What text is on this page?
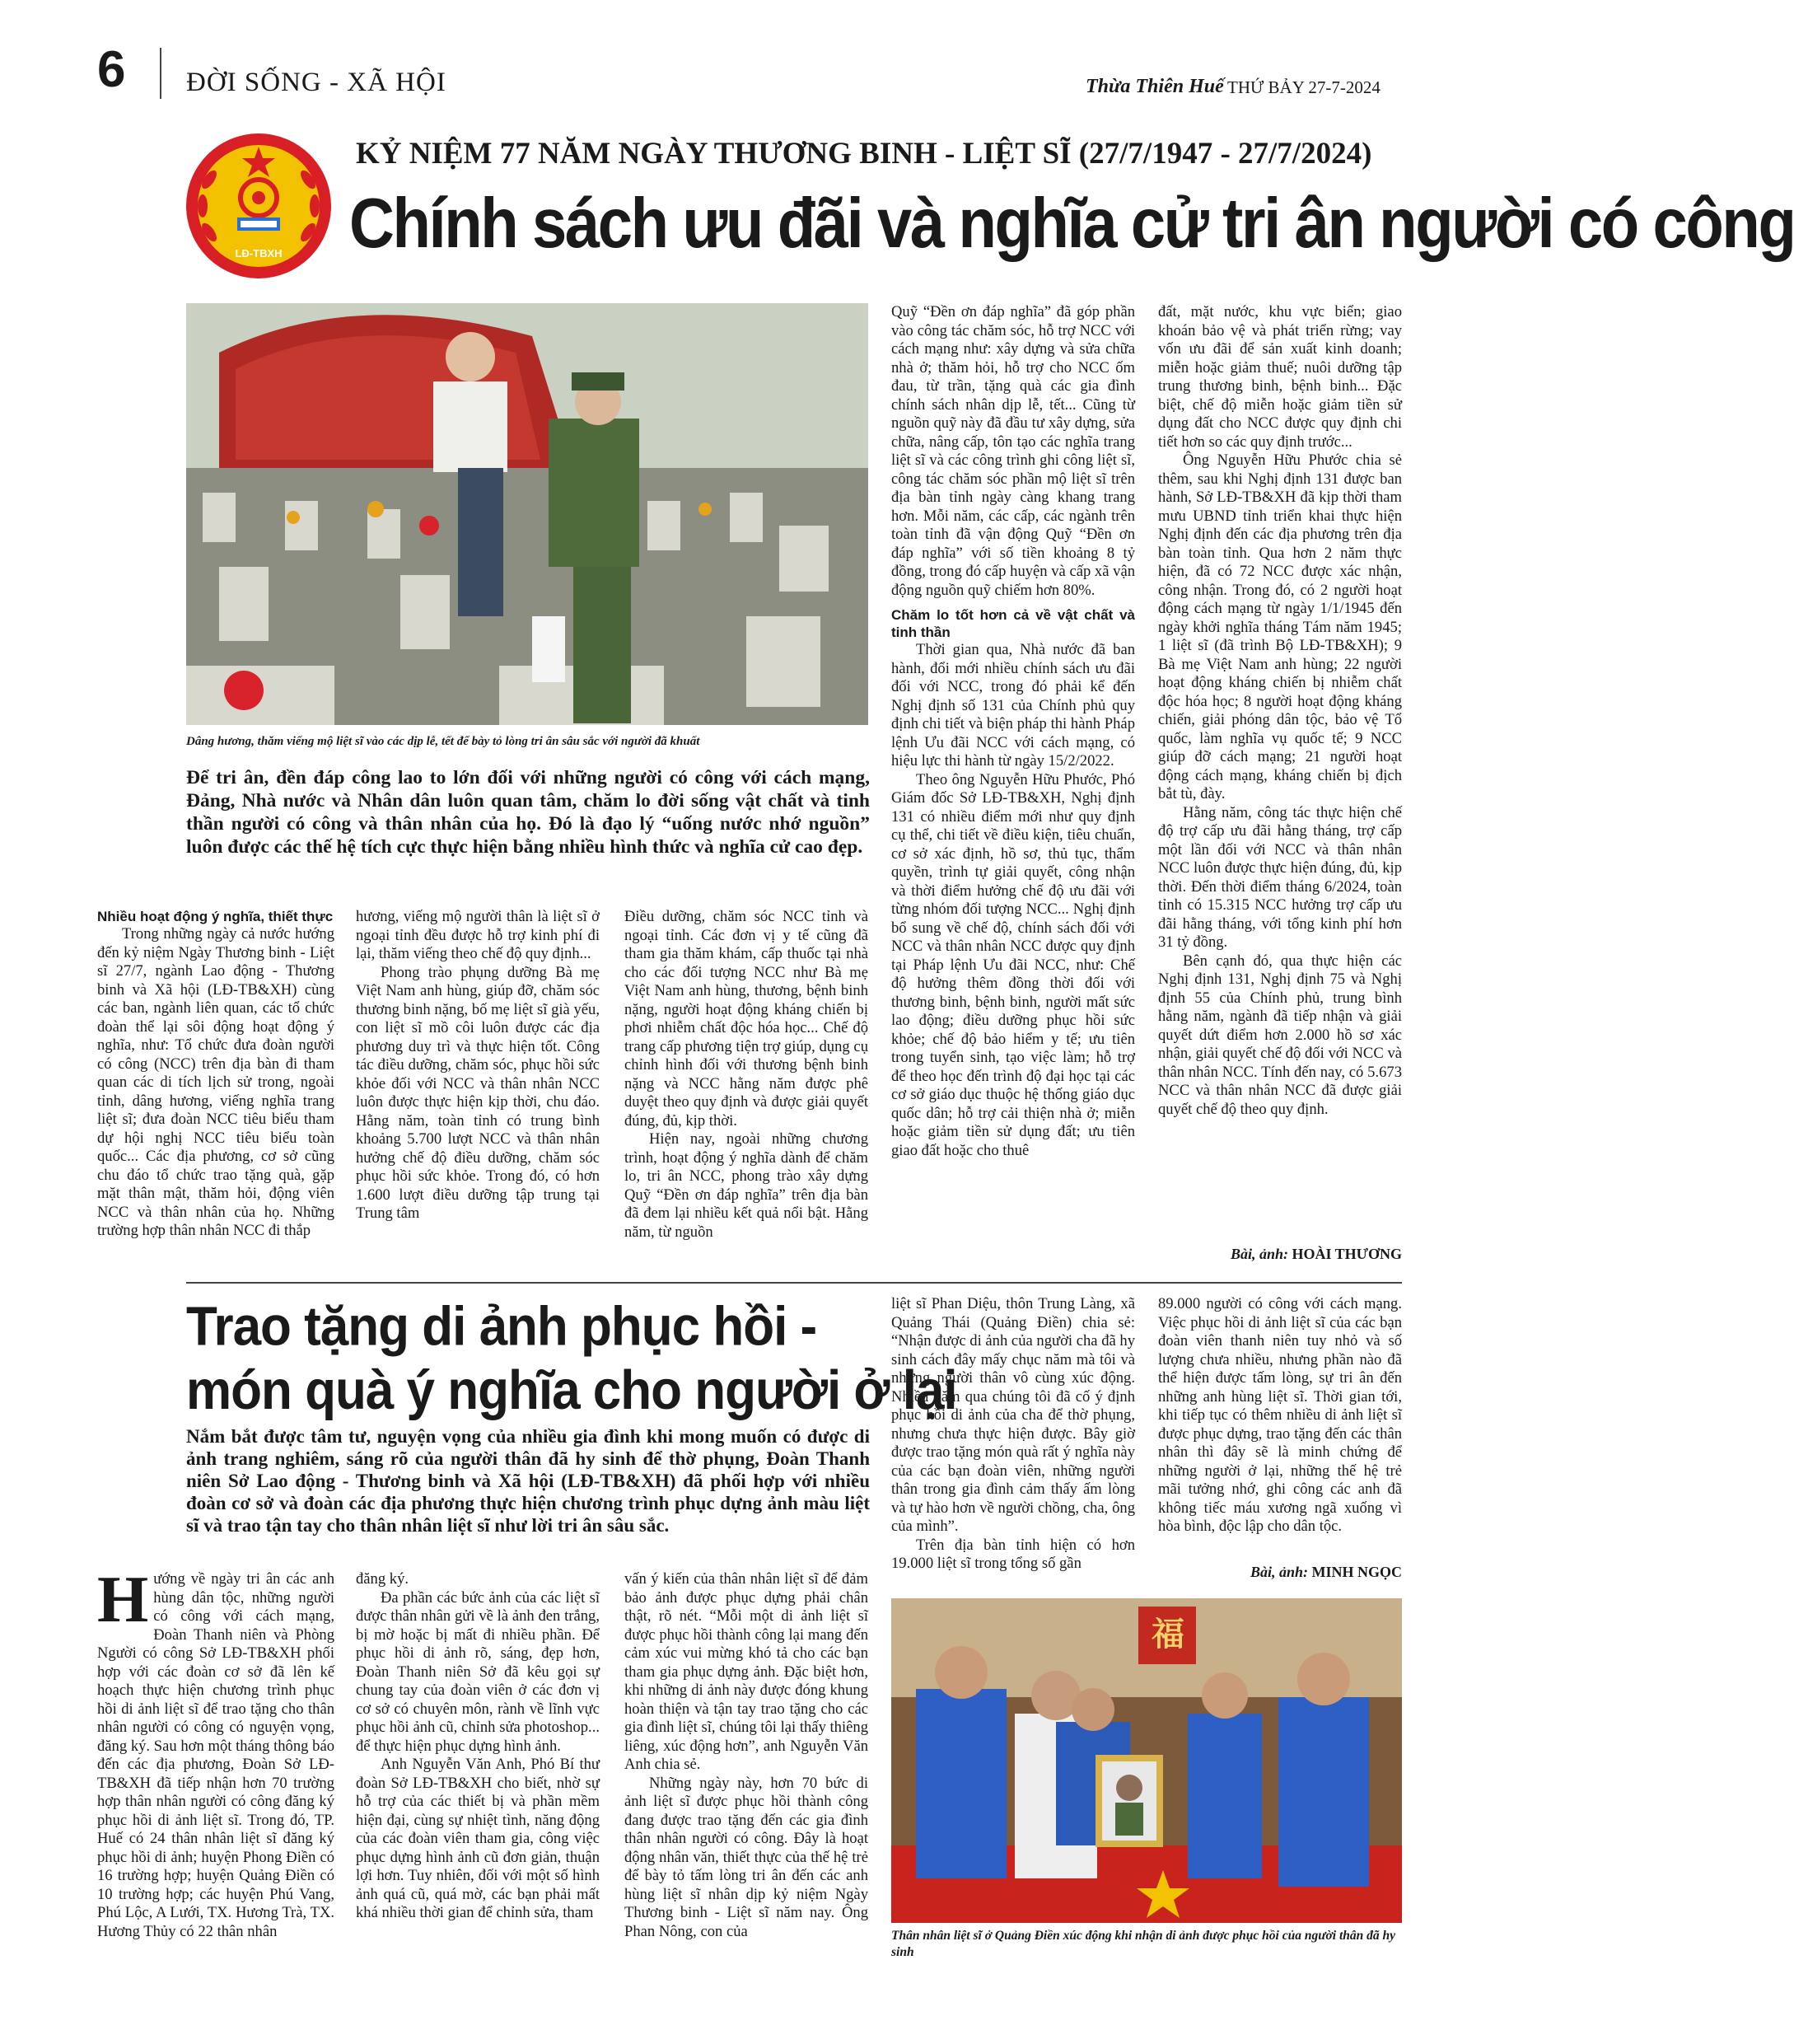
6 ĐỜI SỐNG - XÃ HỘI	Thừa Thiên Huế THỨ BẢY 27-7-2024
LĐ-TBXH
KỶ NIỆM 77 NĂM NGÀY THƯƠNG BINH - LIỆT SĨ (27/7/1947 - 27/7/2024)
Chính sách ưu đãi và nghĩa cử tri ân người có công
Dâng hương, thăm viếng mộ liệt sĩ vào các dịp lễ, tết để bày tỏ lòng tri ân sâu sắc với người đã khuất
Để tri ân, đền đáp công lao to lớn đối với những người có công với cách mạng, Đảng, Nhà nước và Nhân dân luôn quan tâm, chăm lo đời sống vật chất và tinh thần người có công và thân nhân của họ. Đó là đạo lý “uống nước nhớ nguồn” luôn được các thế hệ tích cực thực hiện bằng nhiều hình thức và nghĩa cử cao đẹp.

Nhiều hoạt động ý nghĩa, thiết thực

Trong những ngày cả nước hướng đến kỷ niệm Ngày Thương binh - Liệt sĩ 27/7, ngành Lao động - Thương binh và Xã hội (LĐ-TB&XH) cùng các ban, ngành liên quan, các tổ chức đoàn thể lại sôi động hoạt động ý nghĩa, như: Tổ chức đưa đoàn người có công (NCC) trên địa bàn đi tham quan các di tích lịch sử trong, ngoài tỉnh, dâng hương, viếng nghĩa trang liệt sĩ; đưa đoàn NCC tiêu biểu tham dự hội nghị NCC tiêu biểu toàn quốc... Các địa phương, cơ sở cũng chu đáo tổ chức trao tặng quà, gặp mặt thân mật, thăm hỏi, động viên NCC và thân nhân của họ. Những trường hợp thân nhân NCC đi thắp

hương, viếng mộ người thân là liệt sĩ ở ngoại tỉnh đều được hỗ trợ kinh phí đi lại, thăm viếng theo chế độ quy định...

Phong trào phụng dưỡng Bà mẹ Việt Nam anh hùng, giúp đỡ, chăm sóc thương binh nặng, bố mẹ liệt sĩ già yếu, con liệt sĩ mồ côi luôn được các địa phương duy trì và thực hiện tốt. Công tác điều dưỡng, chăm sóc, phục hồi sức khỏe đối với NCC và thân nhân NCC luôn được thực hiện kịp thời, chu đáo. Hằng năm, toàn tỉnh có trung bình khoảng 5.700 lượt NCC và thân nhân hưởng chế độ điều dưỡng, chăm sóc phục hồi sức khỏe. Trong đó, có hơn 1.600 lượt điều dưỡng tập trung tại Trung tâm

Điều dưỡng, chăm sóc NCC tỉnh và ngoại tỉnh. Các đơn vị y tế cũng đã tham gia thăm khám, cấp thuốc tại nhà cho các đối tượng NCC như Bà mẹ Việt Nam anh hùng, thương, bệnh binh nặng, người hoạt động kháng chiến bị phơi nhiễm chất độc hóa học... Chế độ trang cấp phương tiện trợ giúp, dụng cụ chỉnh hình đối với thương bệnh binh nặng và NCC hằng năm được phê duyệt theo quy định và được giải quyết đúng, đủ, kịp thời.

Hiện nay, ngoài những chương trình, hoạt động ý nghĩa dành để chăm lo, tri ân NCC, phong trào xây dựng Quỹ “Đền ơn đáp nghĩa” trên địa bàn đã đem lại nhiều kết quả nổi bật. Hằng năm, từ nguồn

Quỹ “Đền ơn đáp nghĩa” đã góp phần vào công tác chăm sóc, hỗ trợ NCC với cách mạng như: xây dựng và sửa chữa nhà ở; thăm hỏi, hỗ trợ cho NCC ốm đau, từ trần, tặng quà các gia đình chính sách nhân dịp lễ, tết... Cũng từ nguồn quỹ này đã đầu tư xây dựng, sửa chữa, nâng cấp, tôn tạo các nghĩa trang liệt sĩ và các công trình ghi công liệt sĩ, công tác chăm sóc phần mộ liệt sĩ trên địa bàn tỉnh ngày càng khang trang hơn. Mỗi năm, các cấp, các ngành trên toàn tỉnh đã vận động Quỹ “Đền ơn đáp nghĩa” với số tiền khoảng 8 tỷ đồng, trong đó cấp huyện và cấp xã vận động nguồn quỹ chiếm hơn 80%.

Chăm lo tốt hơn cả về vật chất và tinh thần

Thời gian qua, Nhà nước đã ban hành, đổi mới nhiều chính sách ưu đãi đối với NCC, trong đó phải kể đến Nghị định số 131 của Chính phủ quy định chi tiết và biện pháp thi hành Pháp lệnh Ưu đãi NCC với cách mạng, có hiệu lực thi hành từ ngày 15/2/2022.

Theo ông Nguyễn Hữu Phước, Phó Giám đốc Sở LĐ-TB&XH, Nghị định 131 có nhiều điểm mới như quy định cụ thể, chi tiết về điều kiện, tiêu chuẩn, cơ sở xác định, hồ sơ, thủ tục, thẩm quyền, trình tự giải quyết, công nhận và thời điểm hưởng chế độ ưu đãi với từng nhóm đối tượng NCC... Nghị định bổ sung về chế độ, chính sách đối với NCC và thân nhân NCC được quy định tại Pháp lệnh Ưu đãi NCC, như: Chế độ hưởng thêm đồng thời đối với thương binh, bệnh binh, người mất sức lao động; điều dưỡng phục hồi sức khỏe; chế độ bảo hiểm y tế; ưu tiên trong tuyển sinh, tạo việc làm; hỗ trợ để theo học đến trình độ đại học tại các cơ sở giáo dục thuộc hệ thống giáo dục quốc dân; hỗ trợ cải thiện nhà ở; miễn hoặc giảm tiền sử dụng đất; ưu tiên giao đất hoặc cho thuê

đất, mặt nước, khu vực biển; giao khoán bảo vệ và phát triển rừng; vay vốn ưu đãi để sản xuất kinh doanh; miễn hoặc giảm thuế; nuôi dưỡng tập trung thương binh, bệnh binh... Đặc biệt, chế độ miễn hoặc giảm tiền sử dụng đất cho NCC được quy định chi tiết hơn so các quy định trước...

Ông Nguyễn Hữu Phước chia sẻ thêm, sau khi Nghị định 131 được ban hành, Sở LĐ-TB&XH đã kịp thời tham mưu UBND tỉnh triển khai thực hiện Nghị định đến các địa phương trên địa bàn toàn tỉnh. Qua hơn 2 năm thực hiện, đã có 72 NCC được xác nhận, công nhận. Trong đó, có 2 người hoạt động cách mạng từ ngày 1/1/1945 đến ngày khởi nghĩa tháng Tám năm 1945; 1 liệt sĩ (đã trình Bộ LĐ-TB&XH); 9 Bà mẹ Việt Nam anh hùng; 22 người hoạt động kháng chiến bị nhiễm chất độc hóa học; 8 người hoạt động kháng chiến, giải phóng dân tộc, bảo vệ Tổ quốc, làm nghĩa vụ quốc tế; 9 NCC giúp đỡ cách mạng; 21 người hoạt động cách mạng, kháng chiến bị địch bắt tù, đày.

Hằng năm, công tác thực hiện chế độ trợ cấp ưu đãi hằng tháng, trợ cấp một lần đối với NCC và thân nhân NCC luôn được thực hiện đúng, đủ, kịp thời. Đến thời điểm tháng 6/2024, toàn tỉnh có 15.315 NCC hưởng trợ cấp ưu đãi hằng tháng, với tổng kinh phí hơn 31 tỷ đồng.

Bên cạnh đó, qua thực hiện các Nghị định 131, Nghị định 75 và Nghị định 55 của Chính phủ, trung bình hằng năm, ngành đã tiếp nhận và giải quyết dứt điểm hơn 2.000 hồ sơ xác nhận, giải quyết chế độ đối với NCC và thân nhân NCC. Tính đến nay, có 5.673 NCC và thân nhân NCC đã được giải quyết chế độ theo quy định.

Bài, ảnh: HOÀI THƯƠNG
Trao tặng di ảnh phục hồi -
món quà ý nghĩa cho người ở lại
Nắm bắt được tâm tư, nguyện vọng của nhiều gia đình khi mong muốn có được di ảnh trang nghiêm, sáng rõ của người thân đã hy sinh để thờ phụng, Đoàn Thanh niên Sở Lao động - Thương binh và Xã hội (LĐ-TB&XH) đã phối hợp với nhiều đoàn cơ sở và đoàn các địa phương thực hiện chương trình phục dựng ảnh màu liệt sĩ và trao tận tay cho thân nhân liệt sĩ như lời tri ân sâu sắc.
H ướng về ngày tri ân các anh hùng dân tộc, những người có công với cách mạng, Đoàn Thanh niên và Phòng Người có công Sở LĐ-TB&XH phối hợp với các đoàn cơ sở đã lên kế hoạch thực hiện chương trình phục hồi di ảnh liệt sĩ để trao tặng cho thân nhân người có công có nguyện vọng, đăng ký. Sau hơn một tháng thông báo đến các địa phương, Đoàn Sở LĐ-TB&XH đã tiếp nhận hơn 70 trường hợp thân nhân người có công đăng ký phục hồi di ảnh liệt sĩ. Trong đó, TP. Huế có 24 thân nhân liệt sĩ đăng ký phục hồi di ảnh; huyện Phong Điền có 16 trường hợp; huyện Quảng Điền có 10 trường hợp; các huyện Phú Vang, Phú Lộc, A Lưới, TX. Hương Trà, TX. Hương Thủy có 22 thân nhân

đăng ký.

Đa phần các bức ảnh của các liệt sĩ được thân nhân gửi về là ảnh đen trắng, bị mờ hoặc bị mất đi nhiều phần. Để phục hồi di ảnh rõ, sáng, đẹp hơn, Đoàn Thanh niên Sở đã kêu gọi sự chung tay của đoàn viên ở các đơn vị cơ sở có chuyên môn, rành về lĩnh vực phục hồi ảnh cũ, chỉnh sửa photoshop... để thực hiện phục dựng hình ảnh.

Anh Nguyễn Văn Anh, Phó Bí thư đoàn Sở LĐ-TB&XH cho biết, nhờ sự hỗ trợ của các thiết bị và phần mềm hiện đại, cùng sự nhiệt tình, năng động của các đoàn viên tham gia, công việc phục dựng hình ảnh cũ đơn giản, thuận lợi hơn. Tuy nhiên, đối với một số hình ảnh quá cũ, quá mờ, các bạn phải mất khá nhiều thời gian để chỉnh sửa, tham

vấn ý kiến của thân nhân liệt sĩ để đảm bảo ảnh được phục dựng phải chân thật, rõ nét. “Mỗi một di ảnh liệt sĩ được phục hồi thành công lại mang đến cảm xúc vui mừng khó tả cho các bạn tham gia phục dựng ảnh. Đặc biệt hơn, khi những di ảnh này được đóng khung hoàn thiện và tận tay trao tặng cho các gia đình liệt sĩ, chúng tôi lại thấy thiêng liêng, xúc động hơn”, anh Nguyễn Văn Anh chia sẻ.

Những ngày này, hơn 70 bức di ảnh liệt sĩ được phục hồi thành công đang được trao tặng đến các gia đình thân nhân người có công. Đây là hoạt động nhân văn, thiết thực của thế hệ trẻ để bày tỏ tấm lòng tri ân đến các anh hùng liệt sĩ nhân dịp kỷ niệm Ngày Thương binh - Liệt sĩ năm nay. Ông Phan Nông, con của

liệt sĩ Phan Diệu, thôn Trung Làng, xã Quảng Thái (Quảng Điền) chia sẻ: “Nhận được di ảnh của người cha đã hy sinh cách đây mấy chục năm mà tôi và những người thân vô cùng xúc động. Nhiều năm qua chúng tôi đã cố ý định phục hồi di ảnh của cha để thờ phụng, nhưng chưa thực hiện được. Bây giờ được trao tặng món quà rất ý nghĩa này của các bạn đoàn viên, những người thân trong gia đình cảm thấy ấm lòng và tự hào hơn về người chồng, cha, ông của mình”.

Trên địa bàn tỉnh hiện có hơn 19.000 liệt sĩ trong tổng số gần

89.000 người có công với cách mạng. Việc phục hồi di ảnh liệt sĩ của các bạn đoàn viên thanh niên tuy nhỏ và số lượng chưa nhiều, nhưng phần nào đã thể hiện được tấm lòng, sự tri ân đến những anh hùng liệt sĩ. Thời gian tới, khi tiếp tục có thêm nhiều di ảnh liệt sĩ được phục dựng, trao tặng đến các thân nhân thì đây sẽ là minh chứng để những người ở lại, những thế hệ trẻ mãi tưởng nhớ, ghi công các anh đã không tiếc máu xương ngã xuống vì hòa bình, độc lập cho dân tộc.

Bài, ảnh: MINH NGỌC
福
Thân nhân liệt sĩ ở Quảng Điền xúc động khi nhận di ảnh được phục hồi của người thân đã hy sinh
